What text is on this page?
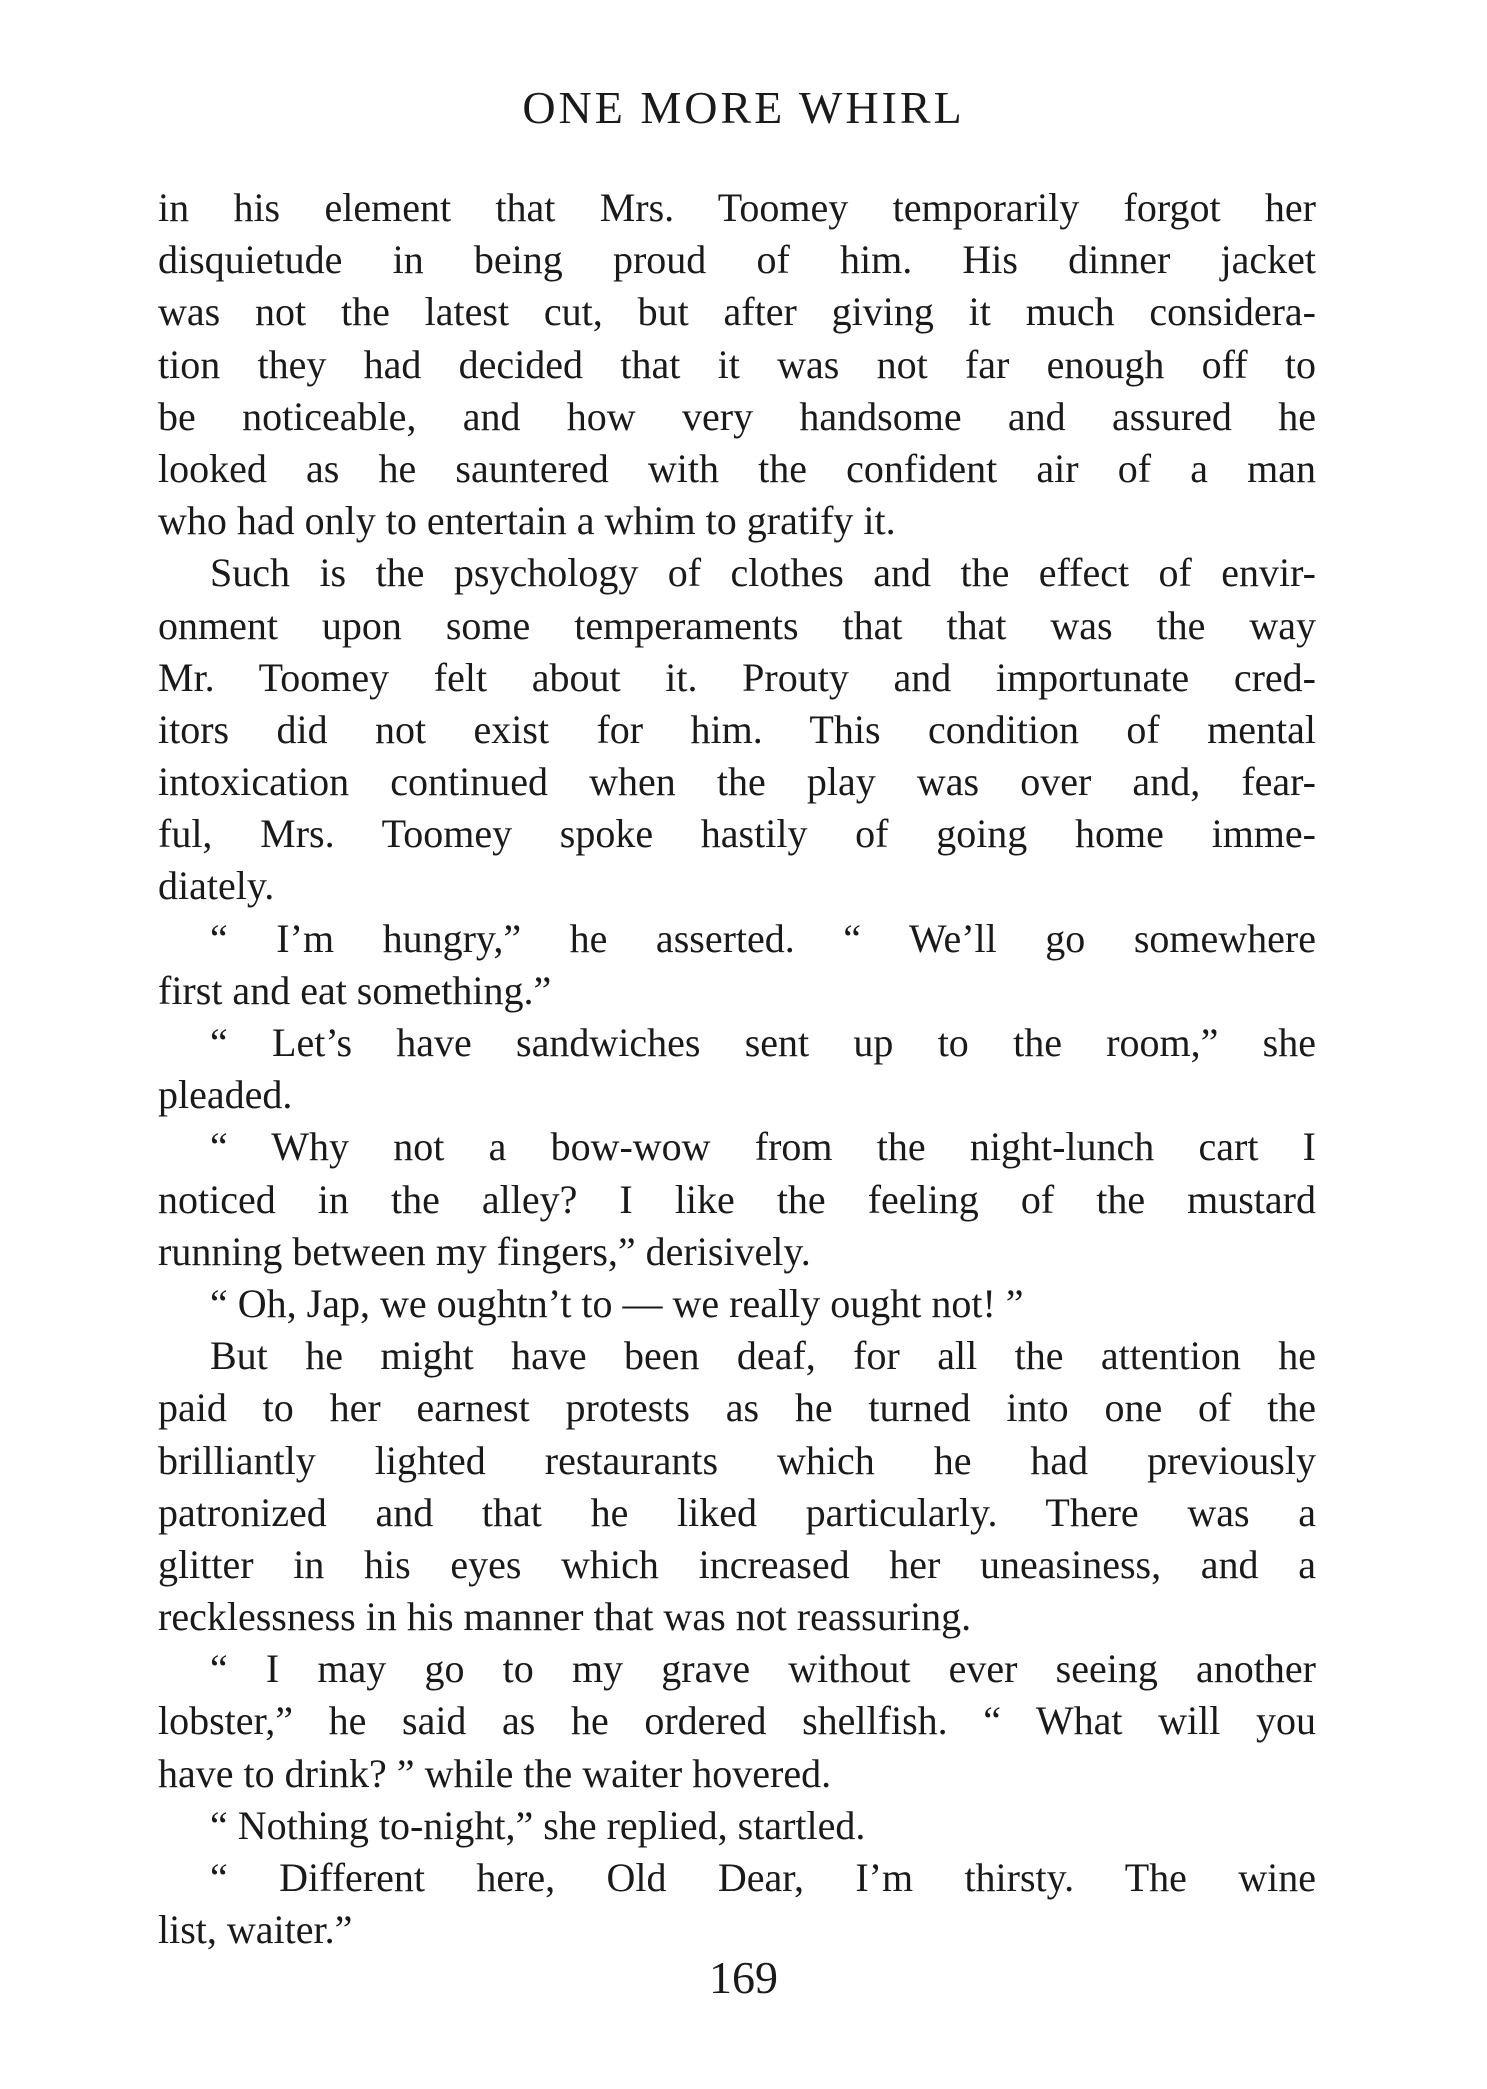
ONE MORE WHIRL
in his element that Mrs. Toomey temporarily forgot her
disquietude in being proud of him. His dinner jacket
was not the latest cut, but after giving it much considera-
tion they had decided that it was not far enough off to
be noticeable, and how very handsome and assured he
looked as he sauntered with the confident air of a man
who had only to entertain a whim to gratify it.
Such is the psychology of clothes and the effect of envir-
onment upon some temperaments that that was the way
Mr. Toomey felt about it. Prouty and importunate cred-
itors did not exist for him. This condition of mental
intoxication continued when the play was over and, fear-
ful, Mrs. Toomey spoke hastily of going home imme-
diately.
“ I’m hungry,” he asserted. “ We’ll go somewhere
first and eat something.”
“ Let’s have sandwiches sent up to the room,” she
pleaded.
“ Why not a bow-wow from the night-lunch cart I
noticed in the alley? I like the feeling of the mustard
running between my fingers,” derisively.
“ Oh, Jap, we oughtn’t to — we really ought not! ”
But he might have been deaf, for all the attention he
paid to her earnest protests as he turned into one of the
brilliantly lighted restaurants which he had previously
patronized and that he liked particularly. There was a
glitter in his eyes which increased her uneasiness, and a
recklessness in his manner that was not reassuring.
“ I may go to my grave without ever seeing another
lobster,” he said as he ordered shellfish. “ What will you
have to drink? ” while the waiter hovered.
“ Nothing to-night,” she replied, startled.
“ Different here, Old Dear, I’m thirsty. The wine
list, waiter.”
169
